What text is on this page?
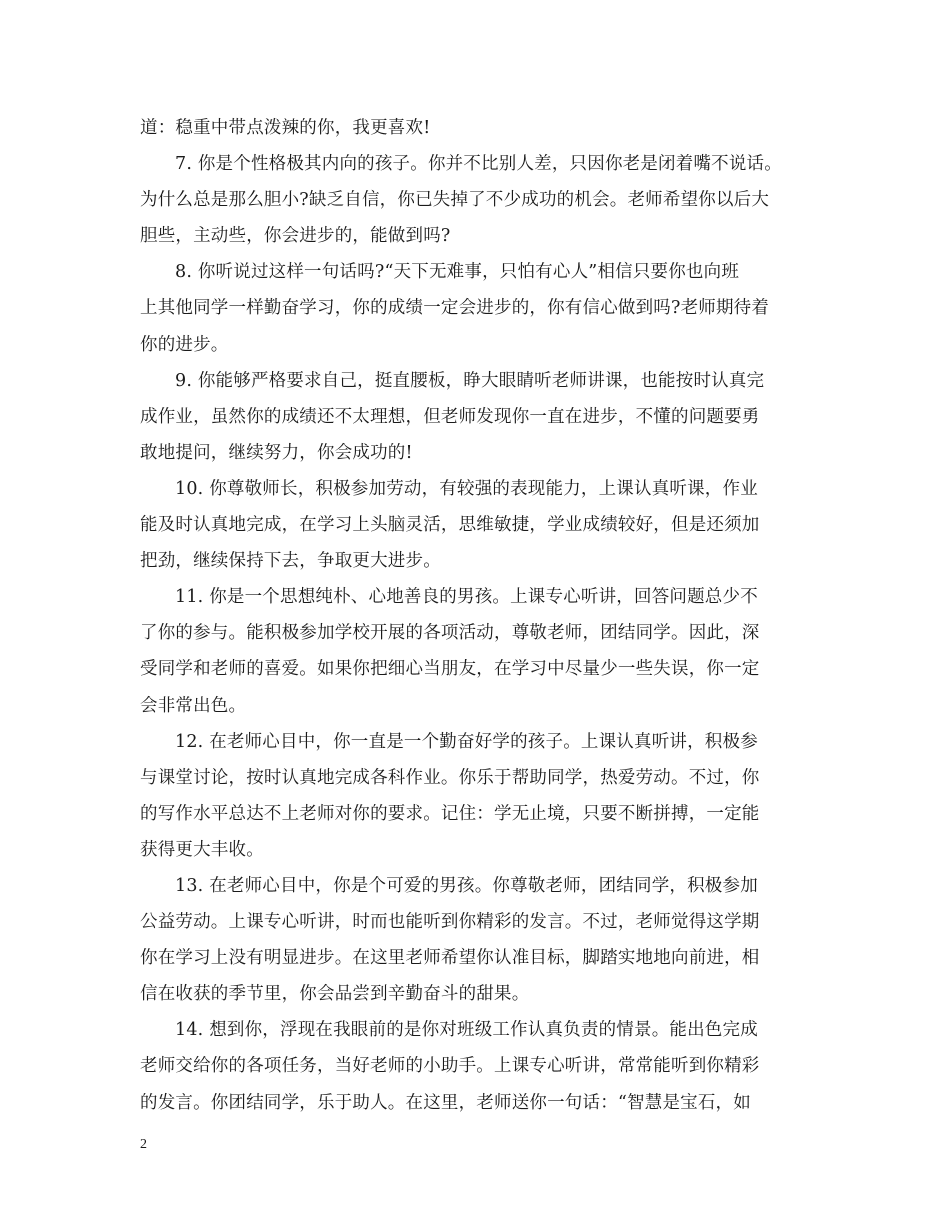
道：稳重中带点泼辣的你，我更喜欢!
7. 你是个性格极其内向的孩子。你并不比别人差，只因你老是闭着嘴不说话。
为什么总是那么胆小?缺乏自信，你已失掉了不少成功的机会。老师希望你以后大
胆些，主动些，你会进步的，能做到吗?
8. 你听说过这样一句话吗?“天下无难事，只怕有心人”相信只要你也向班
上其他同学一样勤奋学习，你的成绩一定会进步的，你有信心做到吗?老师期待着
你的进步。
9. 你能够严格要求自己，挺直腰板，睁大眼睛听老师讲课，也能按时认真完
成作业，虽然你的成绩还不太理想，但老师发现你一直在进步，不懂的问题要勇
敢地提问，继续努力，你会成功的!
10. 你尊敬师长，积极参加劳动，有较强的表现能力，上课认真听课，作业
能及时认真地完成，在学习上头脑灵活，思维敏捷，学业成绩较好，但是还须加
把劲，继续保持下去，争取更大进步。
11. 你是一个思想纯朴、心地善良的男孩。上课专心听讲，回答问题总少不
了你的参与。能积极参加学校开展的各项活动，尊敬老师，团结同学。因此，深
受同学和老师的喜爱。如果你把细心当朋友，在学习中尽量少一些失误，你一定
会非常出色。
12. 在老师心目中，你一直是一个勤奋好学的孩子。上课认真听讲，积极参
与课堂讨论，按时认真地完成各科作业。你乐于帮助同学，热爱劳动。不过，你
的写作水平总达不上老师对你的要求。记住：学无止境，只要不断拼搏，一定能
获得更大丰收。
13. 在老师心目中，你是个可爱的男孩。你尊敬老师，团结同学，积极参加
公益劳动。上课专心听讲，时而也能听到你精彩的发言。不过，老师觉得这学期
你在学习上没有明显进步。在这里老师希望你认准目标，脚踏实地地向前进，相
信在收获的季节里，你会品尝到辛勤奋斗的甜果。
14. 想到你，浮现在我眼前的是你对班级工作认真负责的情景。能出色完成
老师交给你的各项任务，当好老师的小助手。上课专心听讲，常常能听到你精彩
的发言。你团结同学，乐于助人。在这里，老师送你一句话：“智慧是宝石，如
2
